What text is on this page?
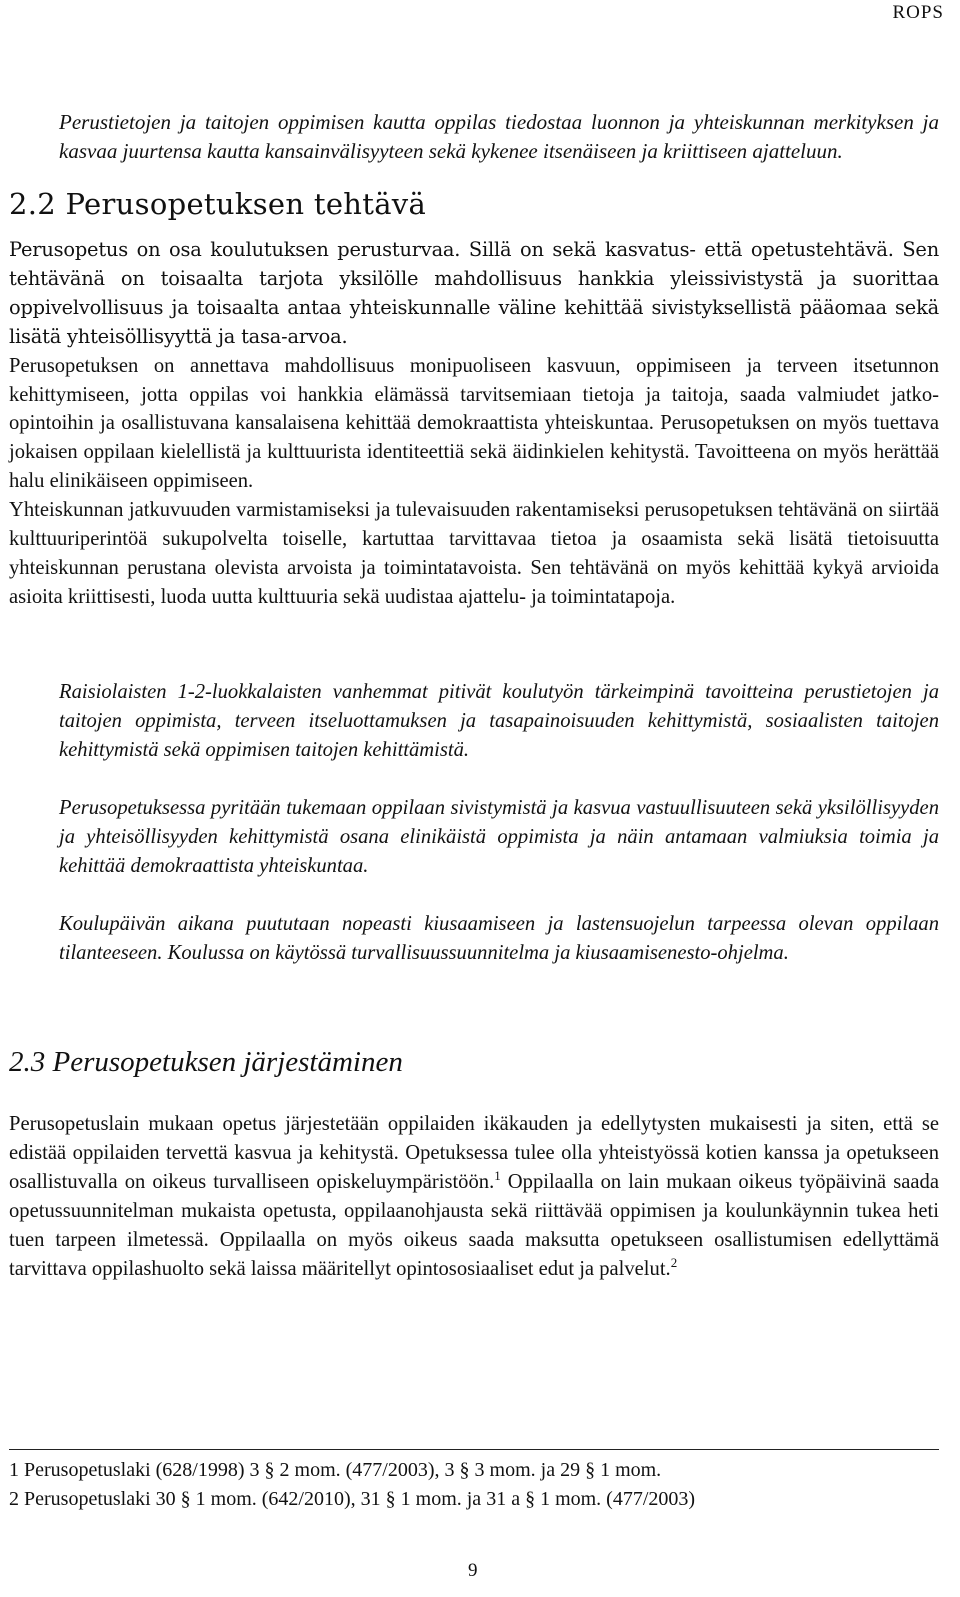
ROPS

Perustietojen ja taitojen oppimisen kautta oppilas tiedostaa luonnon ja yhteiskunnan merkityksen ja kasvaa juurtensa kautta kansainvälisyyteen sekä kykenee itsenäiseen ja kriittiseen ajatteluun.

2.2 Perusopetuksen tehtävä

Perusopetus on osa koulutuksen perusturvaa. Sillä on sekä kasvatus- että opetustehtävä. Sen tehtävänä on toisaalta tarjota yksilölle mahdollisuus hankkia yleissivistystä ja suorittaa oppivelvollisuus ja toisaalta antaa yhteiskunnalle väline kehittää sivistyksellistä pääomaa sekä lisätä yhteisöllisyyttä ja tasa-arvoa.

Perusopetuksen on annettava mahdollisuus monipuoliseen kasvuun, oppimiseen ja terveen itsetunnon kehittymiseen, jotta oppilas voi hankkia elämässä tarvitsemiaan tietoja ja taitoja, saada valmiudet jatko-opintoihin ja osallistuvana kansalaisena kehittää demokraattista yhteiskuntaa. Perusopetuksen on myös tuettava jokaisen oppilaan kielellistä ja kulttuurista identiteettiä sekä äidinkielen kehitystä. Tavoitteena on myös herättää halu elinikäiseen oppimiseen.

Yhteiskunnan jatkuvuuden varmistamiseksi ja tulevaisuuden rakentamiseksi perusopetuksen tehtävänä on siirtää kulttuuriperintöä sukupolvelta toiselle, kartuttaa tarvittavaa tietoa ja osaamista sekä lisätä tietoisuutta yhteiskunnan perustana olevista arvoista ja toimintatavoista. Sen tehtävänä on myös kehittää kykyä arvioida asioita kriittisesti, luoda uutta kulttuuria sekä uudistaa ajattelu- ja toimintatapoja.

Raisiolaisten 1-2-luokkalaisten vanhemmat pitivät koulutyön tärkeimpinä tavoitteina perustietojen ja taitojen oppimista, terveen itseluottamuksen ja tasapainoisuuden kehittymistä, sosiaalisten taitojen kehittymistä sekä oppimisen taitojen kehittämistä.

Perusopetuksessa pyritään tukemaan oppilaan sivistymistä ja kasvua vastuullisuuteen sekä yksilöllisyyden ja yhteisöllisyyden kehittymistä osana elinikäistä oppimista ja näin antamaan valmiuksia toimia ja kehittää demokraattista yhteiskuntaa.

Koulupäivän aikana puututaan nopeasti kiusaamiseen ja lastensuojelun tarpeessa olevan oppilaan tilanteeseen. Koulussa on käytössä turvallisuussuunnitelma ja kiusaamisenesto-ohjelma.

2.3 Perusopetuksen järjestäminen

Perusopetuslain mukaan opetus järjestetään oppilaiden ikäkauden ja edellytysten mukaisesti ja siten, että se edistää oppilaiden tervettä kasvua ja kehitystä. Opetuksessa tulee olla yhteistyössä kotien kanssa ja opetukseen osallistuvalla on oikeus turvalliseen opiskeluympäristöön.$^1$ Oppilaalla on lain mukaan oikeus työpäivinä saada opetussuunnitelman mukaista opetusta, oppilaanohjausta sekä riittävää oppimisen ja koulunkäynnin tukea heti tuen tarpeen ilmetessä. Oppilaalla on myös oikeus saada maksutta opetukseen osallistumisen edellyttämä tarvittava oppilashuolto sekä laissa määritellyt opintososiaaliset edut ja palvelut.$^2$

1 Perusopetuslaki (628/1998) 3 § 2 mom. (477/2003), 3 § 3 mom. ja 29 § 1 mom.
2 Perusopetuslaki 30 § 1 mom. (642/2010), 31 § 1 mom. ja 31 a § 1 mom. (477/2003)
9
